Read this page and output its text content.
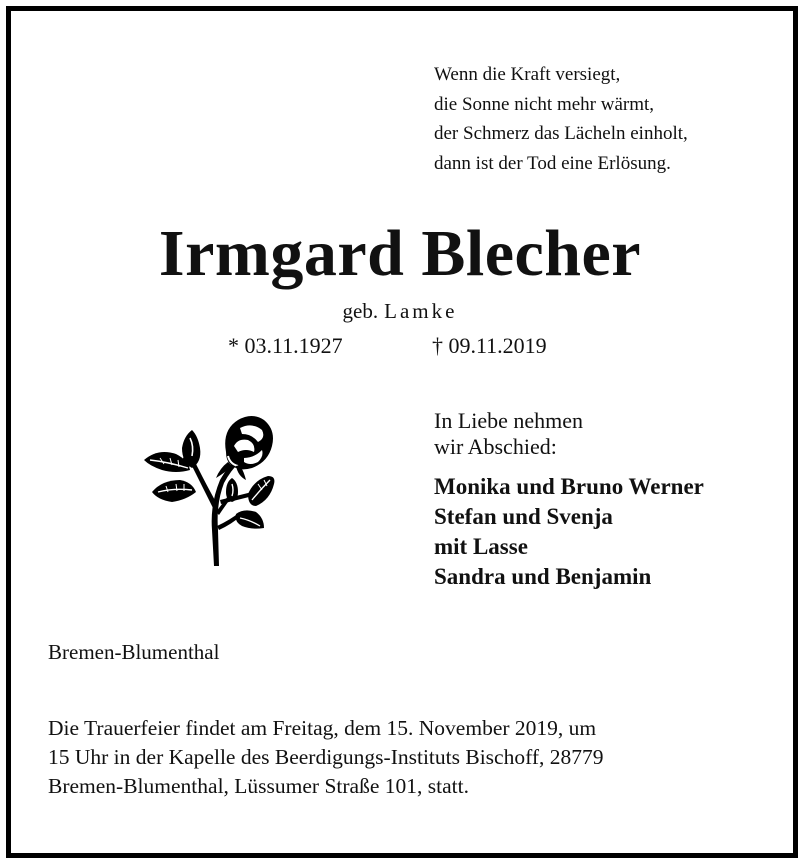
Wenn die Kraft versiegt,
die Sonne nicht mehr wärmt,
der Schmerz das Lächeln einholt,
dann ist der Tod eine Erlösung.
Irmgard Blecher
geb. Lamke
* 03.11.1927	† 09.11.2019
In Liebe nehmen
wir Abschied:
Monika und Bruno Werner
Stefan und Svenja
mit Lasse
Sandra und Benjamin
Bremen-Blumenthal
Die Trauerfeier findet am Freitag, dem 15. November 2019, um
15 Uhr in der Kapelle des Beerdigungs-Instituts Bischoff, 28779
Bremen-Blumenthal, Lüssumer Straße 101, statt.
